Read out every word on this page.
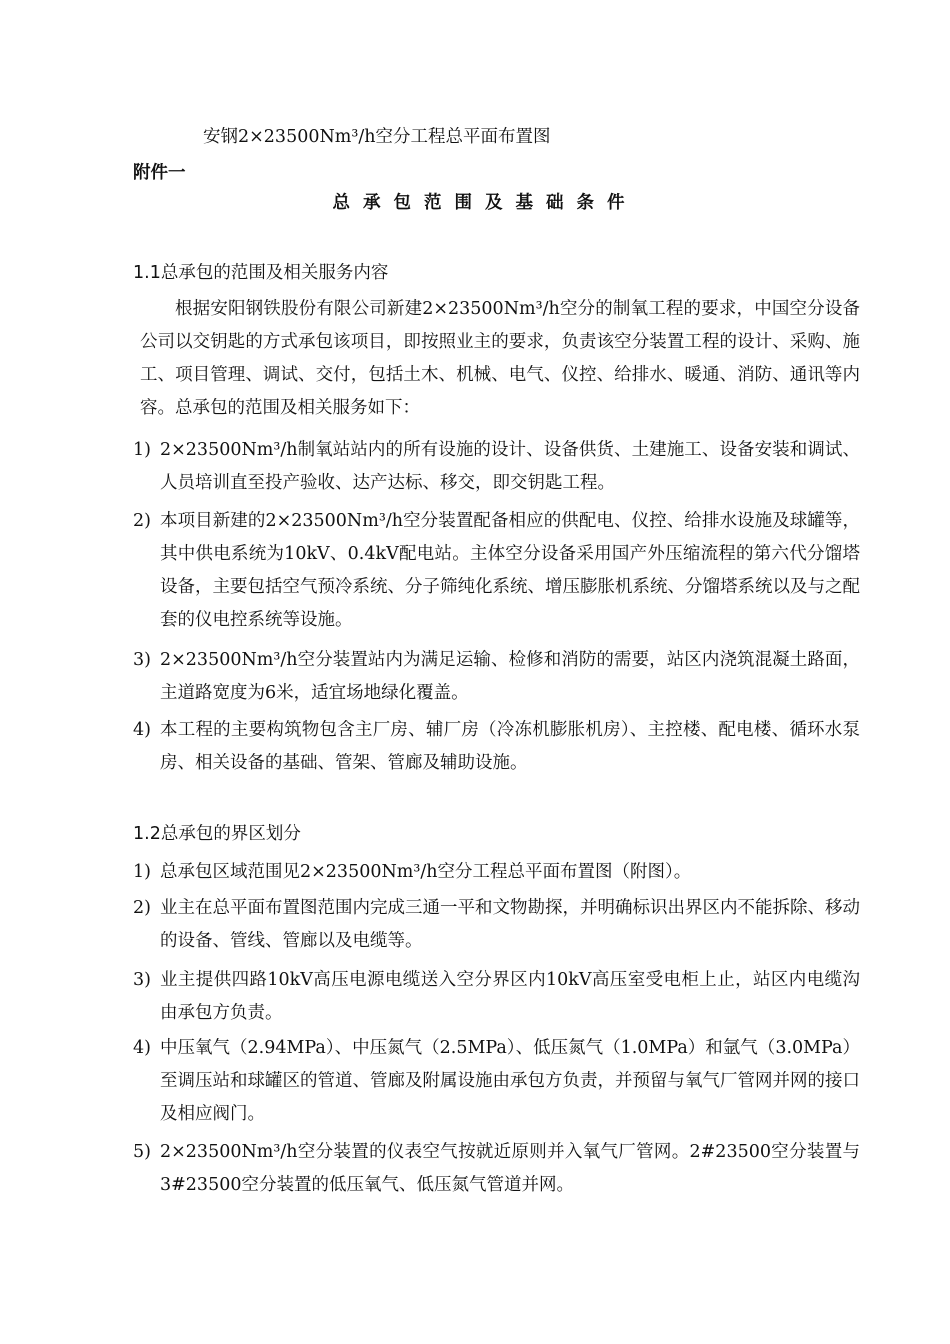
安钢2×23500Nm³/h空分工程总平面布置图
附件一
总承包范围及基础条件
1.1总承包的范围及相关服务内容
根据安阳钢铁股份有限公司新建2×23500Nm³/h空分的制氧工程的要求，中国空分设备公司以交钥匙的方式承包该项目，即按照业主的要求，负责该空分装置工程的设计、采购、施工、项目管理、调试、交付，包括土木、机械、电气、仪控、给排水、暖通、消防、通讯等内容。总承包的范围及相关服务如下：
1) 2×23500Nm³/h制氧站站内的所有设施的设计、设备供货、土建施工、设备安装和调试、人员培训直至投产验收、达产达标、移交，即交钥匙工程。
2) 本项目新建的2×23500Nm³/h空分装置配备相应的供配电、仪控、给排水设施及球罐等，其中供电系统为10kV、0.4kV配电站。主体空分设备采用国产外压缩流程的第六代分馏塔设备，主要包括空气预冷系统、分子筛纯化系统、增压膨胀机系统、分馏塔系统以及与之配套的仪电控系统等设施。
3) 2×23500Nm³/h空分装置站内为满足运输、检修和消防的需要，站区内浇筑混凝土路面，主道路宽度为6米，适宜场地绿化覆盖。
4) 本工程的主要构筑物包含主厂房、辅厂房（冷冻机膨胀机房）、主控楼、配电楼、循环水泵房、相关设备的基础、管架、管廊及辅助设施。
1.2总承包的界区划分
1) 总承包区域范围见2×23500Nm³/h空分工程总平面布置图（附图）。
2) 业主在总平面布置图范围内完成三通一平和文物勘探，并明确标识出界区内不能拆除、移动的设备、管线、管廊以及电缆等。
3) 业主提供四路10kV高压电源电缆送入空分界区内10kV高压室受电柜上止，站区内电缆沟由承包方负责。
4) 中压氧气（2.94MPa）、中压氮气（2.5MPa）、低压氮气（1.0MPa）和氩气（3.0MPa）至调压站和球罐区的管道、管廊及附属设施由承包方负责，并预留与氧气厂管网并网的接口及相应阀门。
5) 2×23500Nm³/h空分装置的仪表空气按就近原则并入氧气厂管网。2#23500空分装置与3#23500空分装置的低压氧气、低压氮气管道并网。
